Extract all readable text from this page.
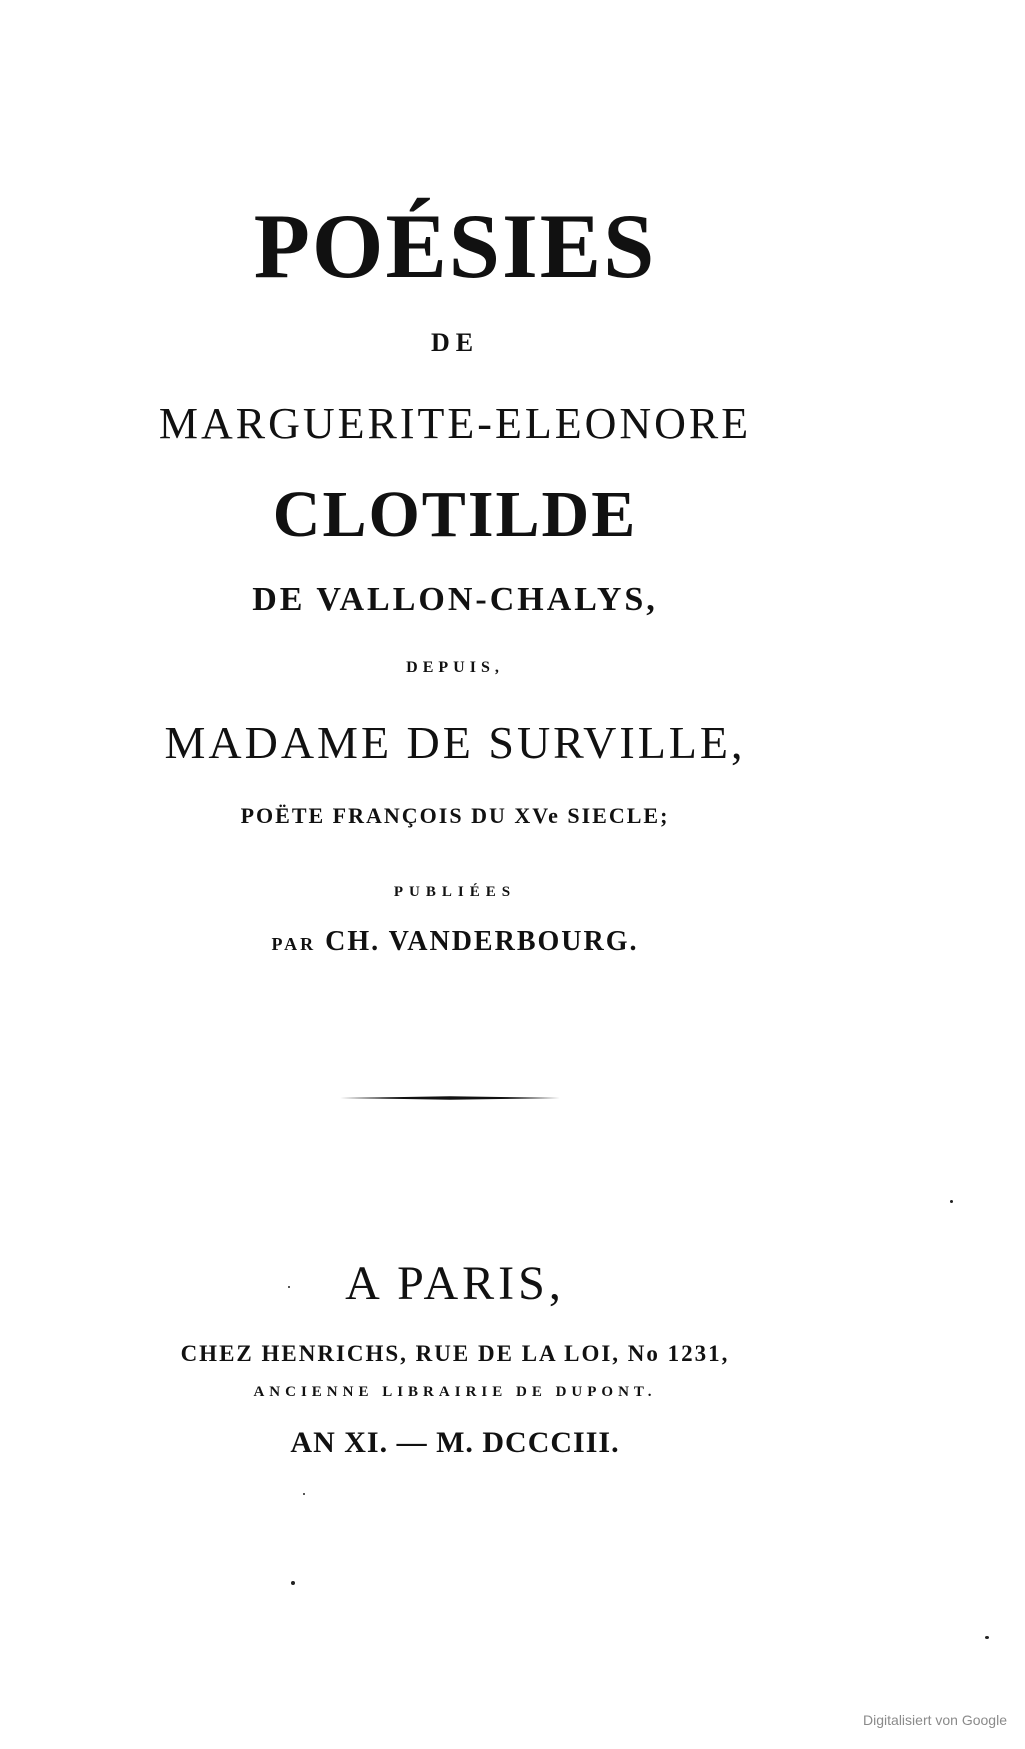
POÉSIES
DE
MARGUERITE-ELEONORE
CLOTILDE
DE VALLON-CHALYS,
DEPUIS,
MADAME DE SURVILLE,
POËTE FRANÇOIS DU XVe SIECLE;
PUBLIÉES
PAR CH. VANDERBOURG.
A PARIS,
CHEZ HENRICHS, RUE DE LA LOI, No 1231,
ANCIENNE LIBRAIRIE DE DUPONT.
AN XI. — M. DCCCIII.
Digitalisiert von Google
